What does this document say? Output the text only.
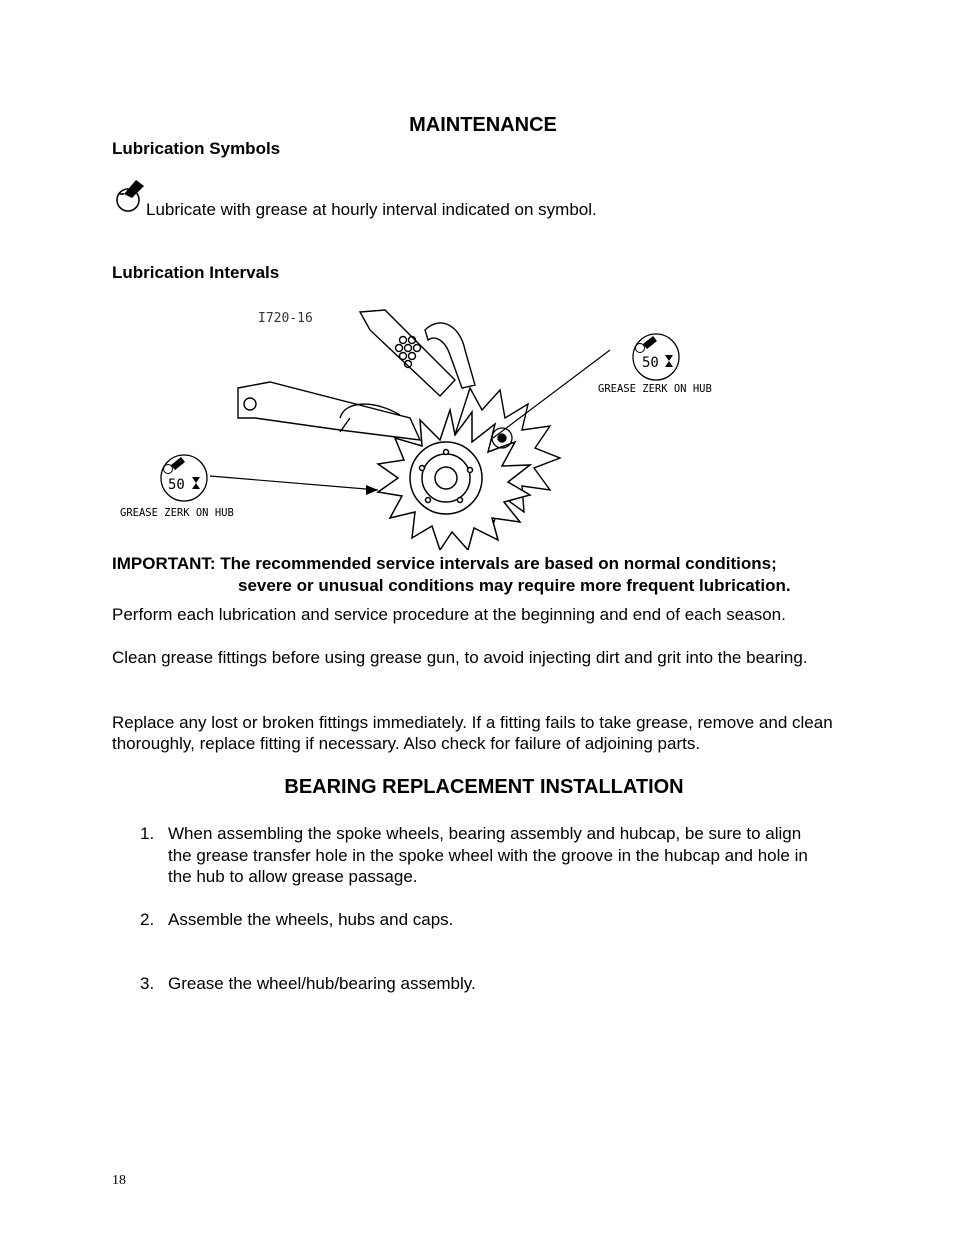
MAINTENANCE
Lubrication Symbols
Lubricate with grease at hourly interval indicated on symbol.
Lubrication Intervals
I720-16
50
GREASE ZERK ON HUB
50
GREASE ZERK ON HUB
IMPORTANT: The recommended service intervals are based on normal conditions;
severe or unusual conditions may require more frequent lubrication.
Perform each lubrication and service procedure at the beginning and end of each season.
Clean grease fittings before using grease gun, to avoid injecting dirt and grit into the bearing.
Replace any lost or broken fittings immediately. If a fitting fails to take grease, remove and clean thoroughly, replace fitting if necessary. Also check for failure of adjoining parts.
BEARING REPLACEMENT INSTALLATION
1. When assembling the spoke wheels, bearing assembly and hubcap, be sure to align the grease transfer hole in the spoke wheel with the groove in the hubcap and hole in the hub to allow grease passage.
2. Assemble the wheels, hubs and caps.
3. Grease the wheel/hub/bearing assembly.
18
